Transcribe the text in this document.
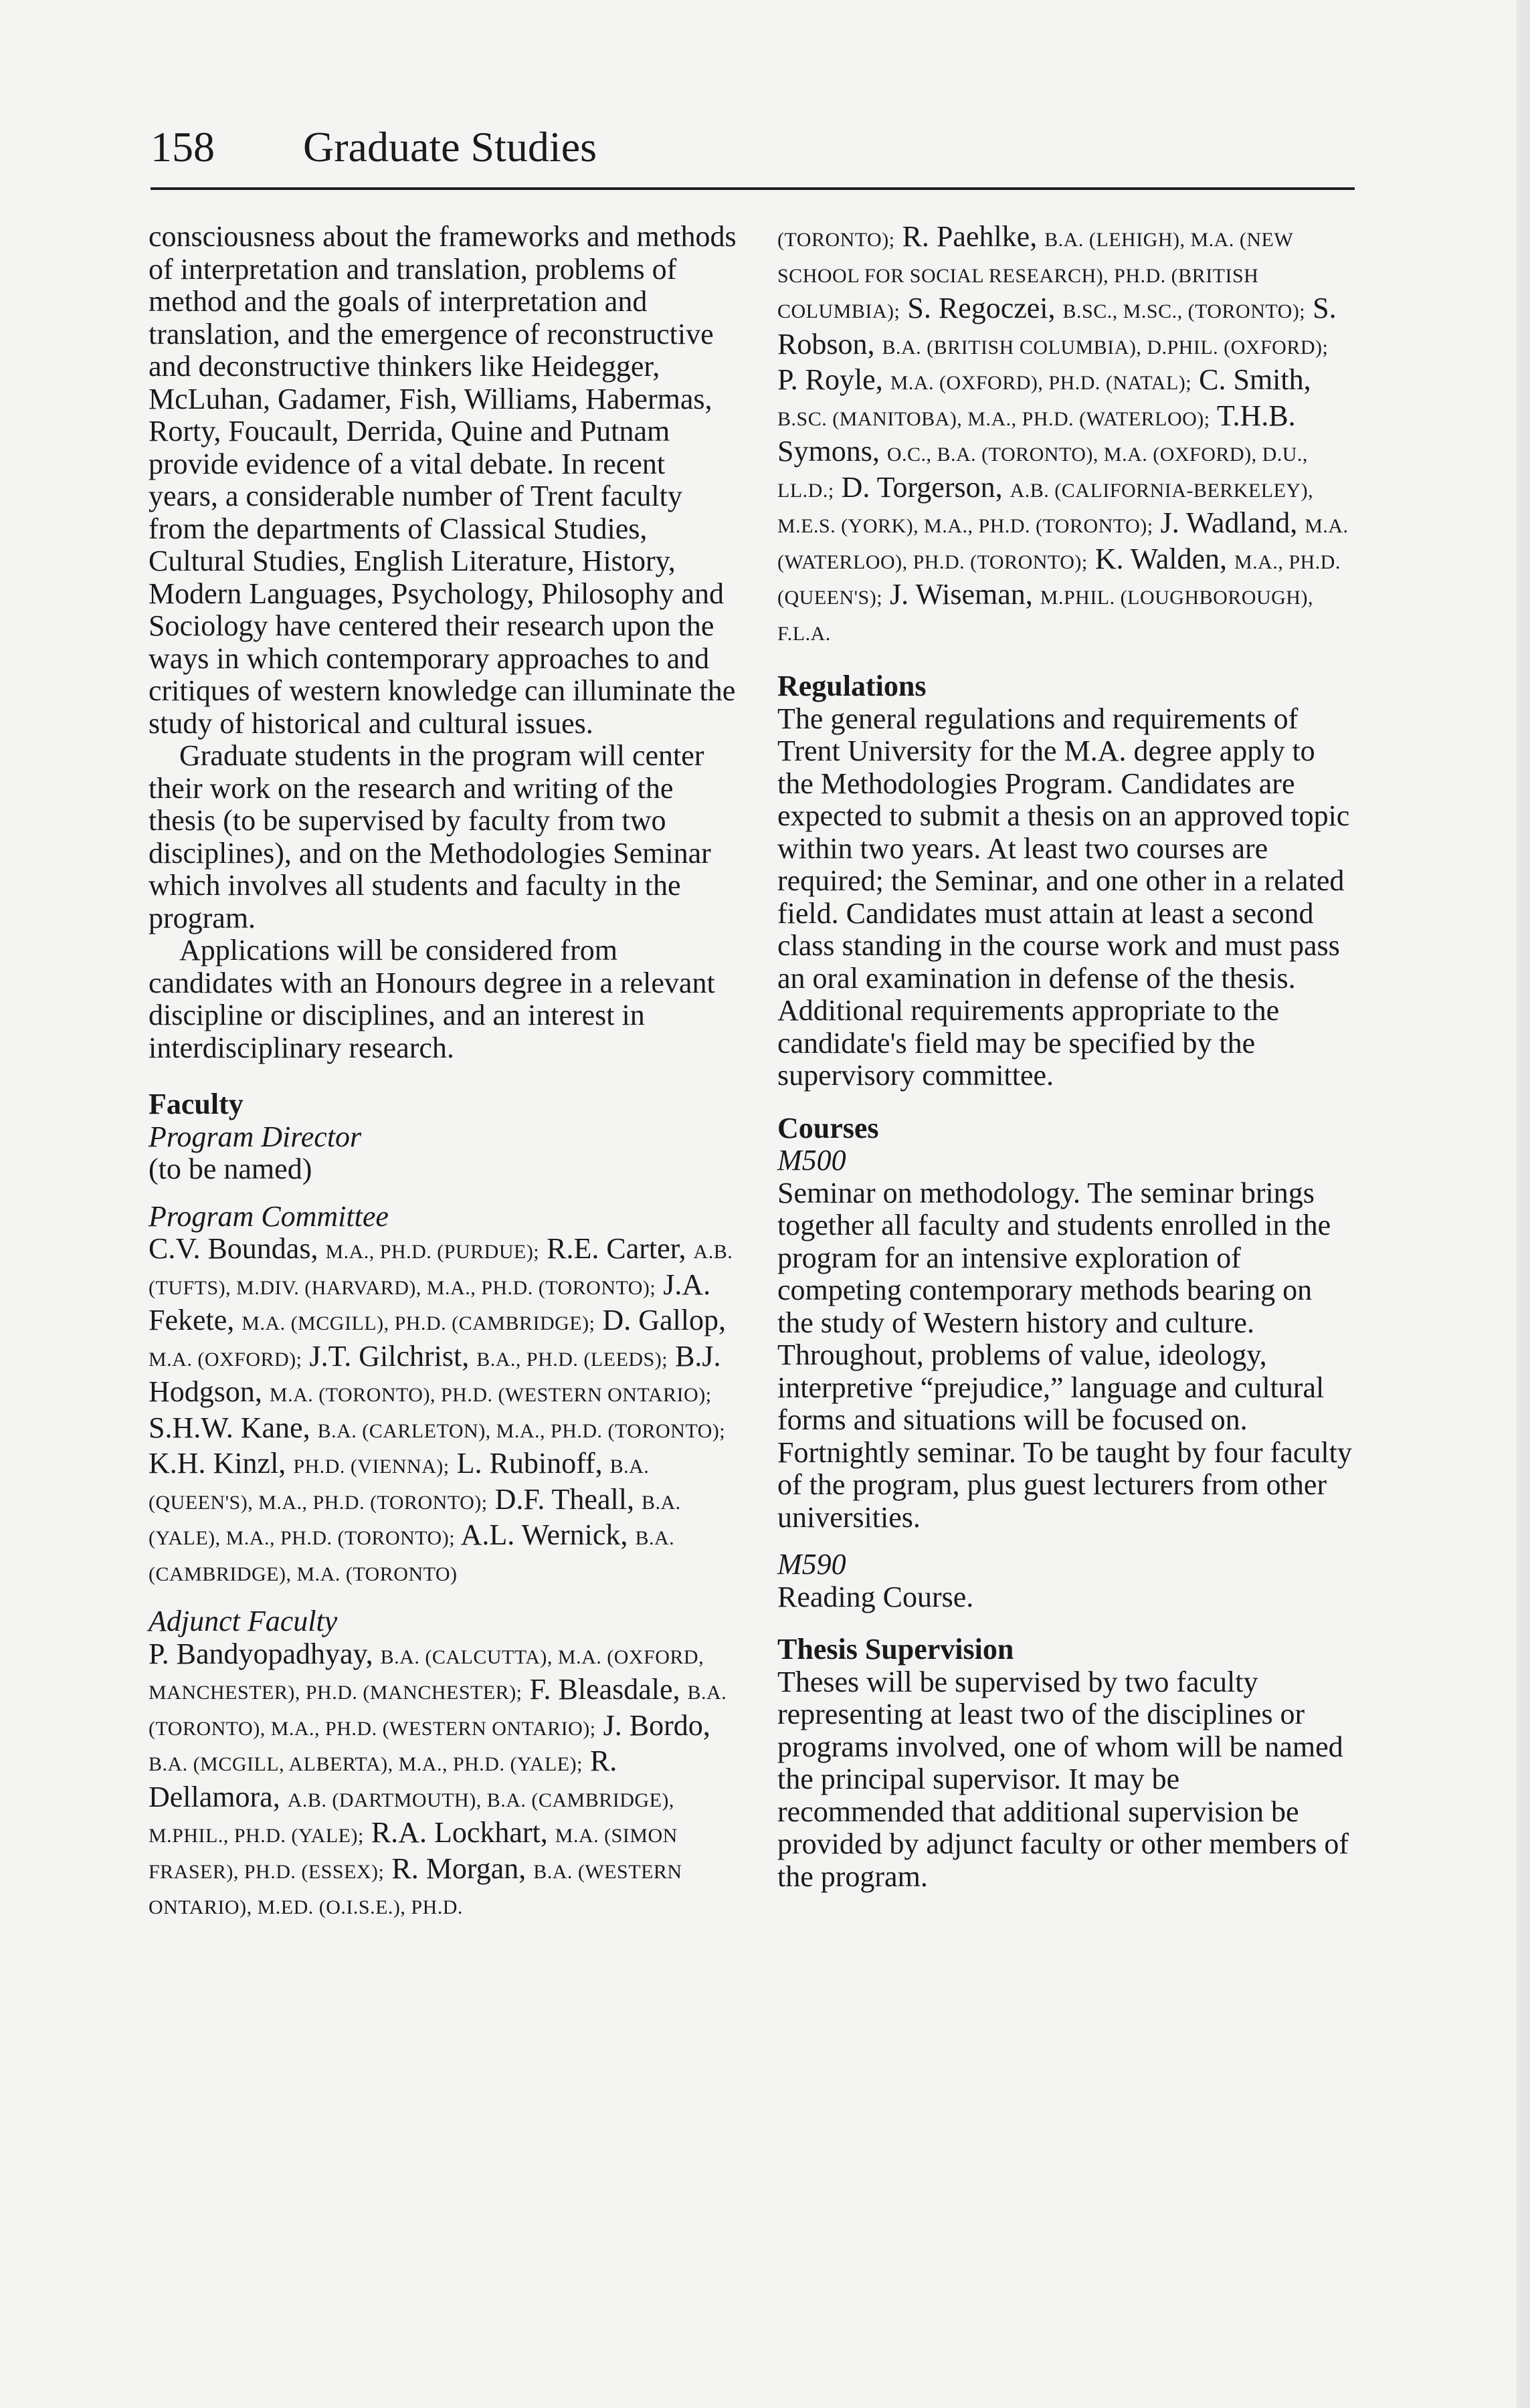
158 Graduate Studies

consciousness about the frameworks and methods of interpretation and translation, problems of method and the goals of interpretation and translation, and the emergence of reconstructive and deconstructive thinkers like Heidegger, McLuhan, Gadamer, Fish, Williams, Habermas, Rorty, Foucault, Derrida, Quine and Putnam provide evidence of a vital debate. In recent years, a considerable number of Trent faculty from the departments of Classical Studies, Cultural Studies, English Literature, History, Modern Languages, Psychology, Philosophy and Sociology have centered their research upon the ways in which contemporary approaches to and critiques of western knowledge can illuminate the study of historical and cultural issues.

Graduate students in the program will center their work on the research and writing of the thesis (to be supervised by faculty from two disciplines), and on the Methodologies Seminar which involves all students and faculty in the program.

Applications will be considered from candidates with an Honours degree in a relevant discipline or disciplines, and an interest in interdisciplinary research.

Faculty

Program Director

(to be named)

Program Committee

C.V. Boundas, M.A., PH.D. (PURDUE); R.E. Carter, A.B. (TUFTS), M.DIV. (HARVARD), M.A., PH.D. (TORONTO); J.A. Fekete, M.A. (MCGILL), PH.D. (CAMBRIDGE); D. Gallop, M.A. (OXFORD); J.T. Gilchrist, B.A., PH.D. (LEEDS); B.J. Hodgson, M.A. (TORONTO), PH.D. (WESTERN ONTARIO); S.H.W. Kane, B.A. (CARLETON), M.A., PH.D. (TORONTO); K.H. Kinzl, PH.D. (VIENNA); L. Rubinoff, B.A. (QUEEN'S), M.A., PH.D. (TORONTO); D.F. Theall, B.A. (YALE), M.A., PH.D. (TORONTO); A.L. Wernick, B.A. (CAMBRIDGE), M.A. (TORONTO)

Adjunct Faculty

P. Bandyopadhyay, B.A. (CALCUTTA), M.A. (OXFORD, MANCHESTER), PH.D. (MANCHESTER); F. Bleasdale, B.A. (TORONTO), M.A., PH.D. (WESTERN ONTARIO); J. Bordo, B.A. (MCGILL, ALBERTA), M.A., PH.D. (YALE); R. Dellamora, A.B. (DARTMOUTH), B.A. (CAMBRIDGE), M.PHIL., PH.D. (YALE); R.A. Lockhart, M.A. (SIMON FRASER), PH.D. (ESSEX); R. Morgan, B.A. (WESTERN ONTARIO), M.ED. (O.I.S.E.), PH.D.

(TORONTO); R. Paehlke, B.A. (LEHIGH), M.A. (NEW SCHOOL FOR SOCIAL RESEARCH), PH.D. (BRITISH COLUMBIA); S. Regoczei, B.SC., M.SC., (TORONTO); S. Robson, B.A. (BRITISH COLUMBIA), D.PHIL. (OXFORD); P. Royle, M.A. (OXFORD), PH.D. (NATAL); C. Smith, B.SC. (MANITOBA), M.A., PH.D. (WATERLOO); T.H.B. Symons, O.C., B.A. (TORONTO), M.A. (OXFORD), D.U., LL.D.; D. Torgerson, A.B. (CALIFORNIA-BERKELEY), M.E.S. (YORK), M.A., PH.D. (TORONTO); J. Wadland, M.A. (WATERLOO), PH.D. (TORONTO); K. Walden, M.A., PH.D. (QUEEN'S); J. Wiseman, M.PHIL. (LOUGHBOROUGH), F.L.A.

Regulations

The general regulations and requirements of Trent University for the M.A. degree apply to the Methodologies Program. Candidates are expected to submit a thesis on an approved topic within two years. At least two courses are required; the Seminar, and one other in a related field. Candidates must attain at least a second class standing in the course work and must pass an oral examination in defense of the thesis. Additional requirements appropriate to the candidate's field may be specified by the supervisory committee.

Courses

M500

Seminar on methodology. The seminar brings together all faculty and students enrolled in the program for an intensive exploration of competing contemporary methods bearing on the study of Western history and culture. Throughout, problems of value, ideology, interpretive “prejudice,” language and cultural forms and situations will be focused on. Fortnightly seminar. To be taught by four faculty of the program, plus guest lecturers from other universities.

M590

Reading Course.

Thesis Supervision

Theses will be supervised by two faculty representing at least two of the disciplines or programs involved, one of whom will be named the principal supervisor. It may be recommended that additional supervision be provided by adjunct faculty or other members of the program.
